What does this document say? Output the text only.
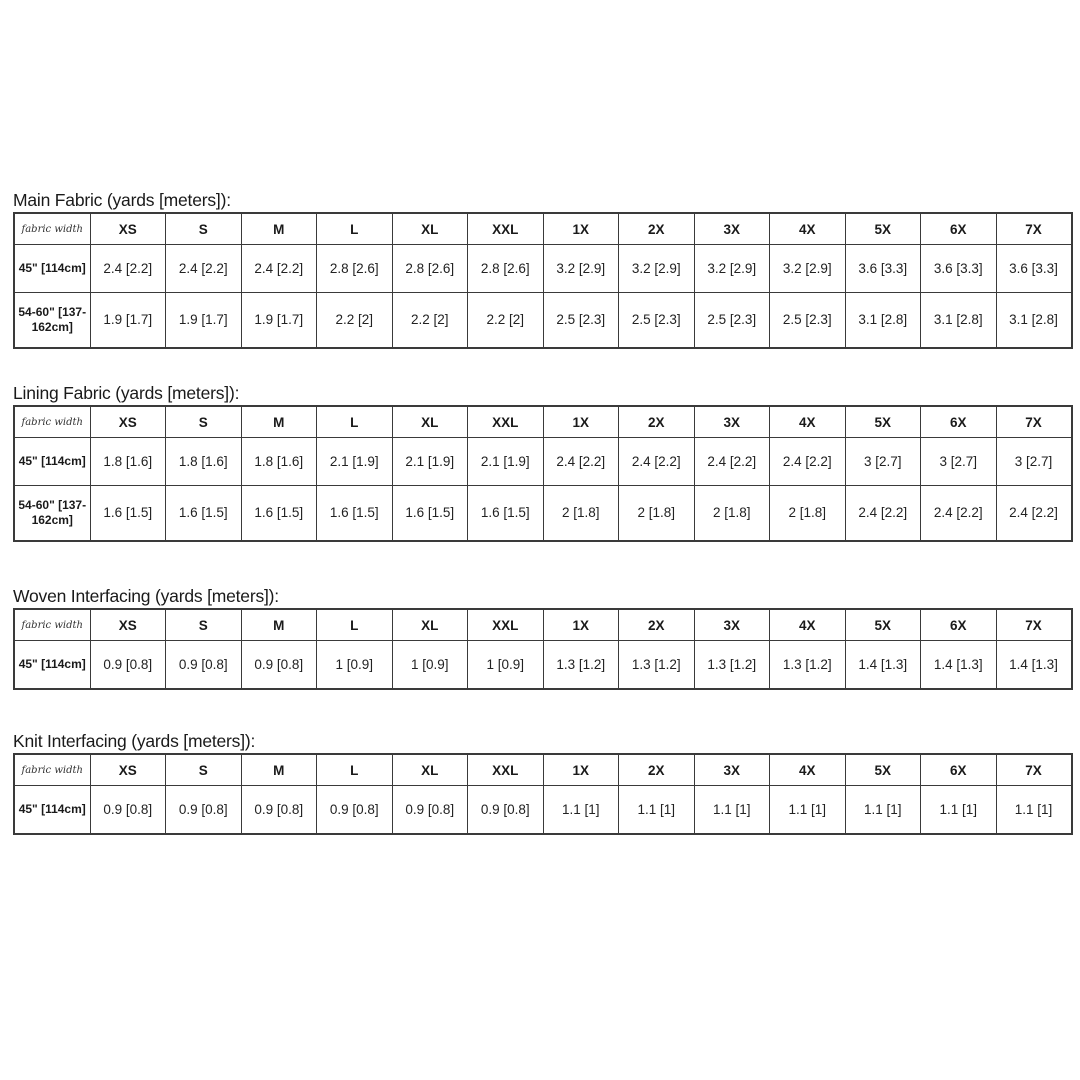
Main Fabric (yards [meters]):
fabric width	XS	S	M	L	XL	XXL	1X	2X	3X	4X	5X	6X	7X
45" [114cm]	2.4 [2.2]	2.4 [2.2]	2.4 [2.2]	2.8 [2.6]	2.8 [2.6]	2.8 [2.6]	3.2 [2.9]	3.2 [2.9]	3.2 [2.9]	3.2 [2.9]	3.6 [3.3]	3.6 [3.3]	3.6 [3.3]
54-60" [137-162cm]	1.9 [1.7]	1.9 [1.7]	1.9 [1.7]	2.2 [2]	2.2 [2]	2.2 [2]	2.5 [2.3]	2.5 [2.3]	2.5 [2.3]	2.5 [2.3]	3.1 [2.8]	3.1 [2.8]	3.1 [2.8]
Lining Fabric (yards [meters]):
fabric width	XS	S	M	L	XL	XXL	1X	2X	3X	4X	5X	6X	7X
45" [114cm]	1.8 [1.6]	1.8 [1.6]	1.8 [1.6]	2.1 [1.9]	2.1 [1.9]	2.1 [1.9]	2.4 [2.2]	2.4 [2.2]	2.4 [2.2]	2.4 [2.2]	3 [2.7]	3 [2.7]	3 [2.7]
54-60" [137-162cm]	1.6 [1.5]	1.6 [1.5]	1.6 [1.5]	1.6 [1.5]	1.6 [1.5]	1.6 [1.5]	2 [1.8]	2 [1.8]	2 [1.8]	2 [1.8]	2.4 [2.2]	2.4 [2.2]	2.4 [2.2]
Woven Interfacing (yards [meters]):
fabric width	XS	S	M	L	XL	XXL	1X	2X	3X	4X	5X	6X	7X
45" [114cm]	0.9 [0.8]	0.9 [0.8]	0.9 [0.8]	1 [0.9]	1 [0.9]	1 [0.9]	1.3 [1.2]	1.3 [1.2]	1.3 [1.2]	1.3 [1.2]	1.4 [1.3]	1.4 [1.3]	1.4 [1.3]
Knit Interfacing (yards [meters]):
fabric width	XS	S	M	L	XL	XXL	1X	2X	3X	4X	5X	6X	7X
45" [114cm]	0.9 [0.8]	0.9 [0.8]	0.9 [0.8]	0.9 [0.8]	0.9 [0.8]	0.9 [0.8]	1.1 [1]	1.1 [1]	1.1 [1]	1.1 [1]	1.1 [1]	1.1 [1]	1.1 [1]
